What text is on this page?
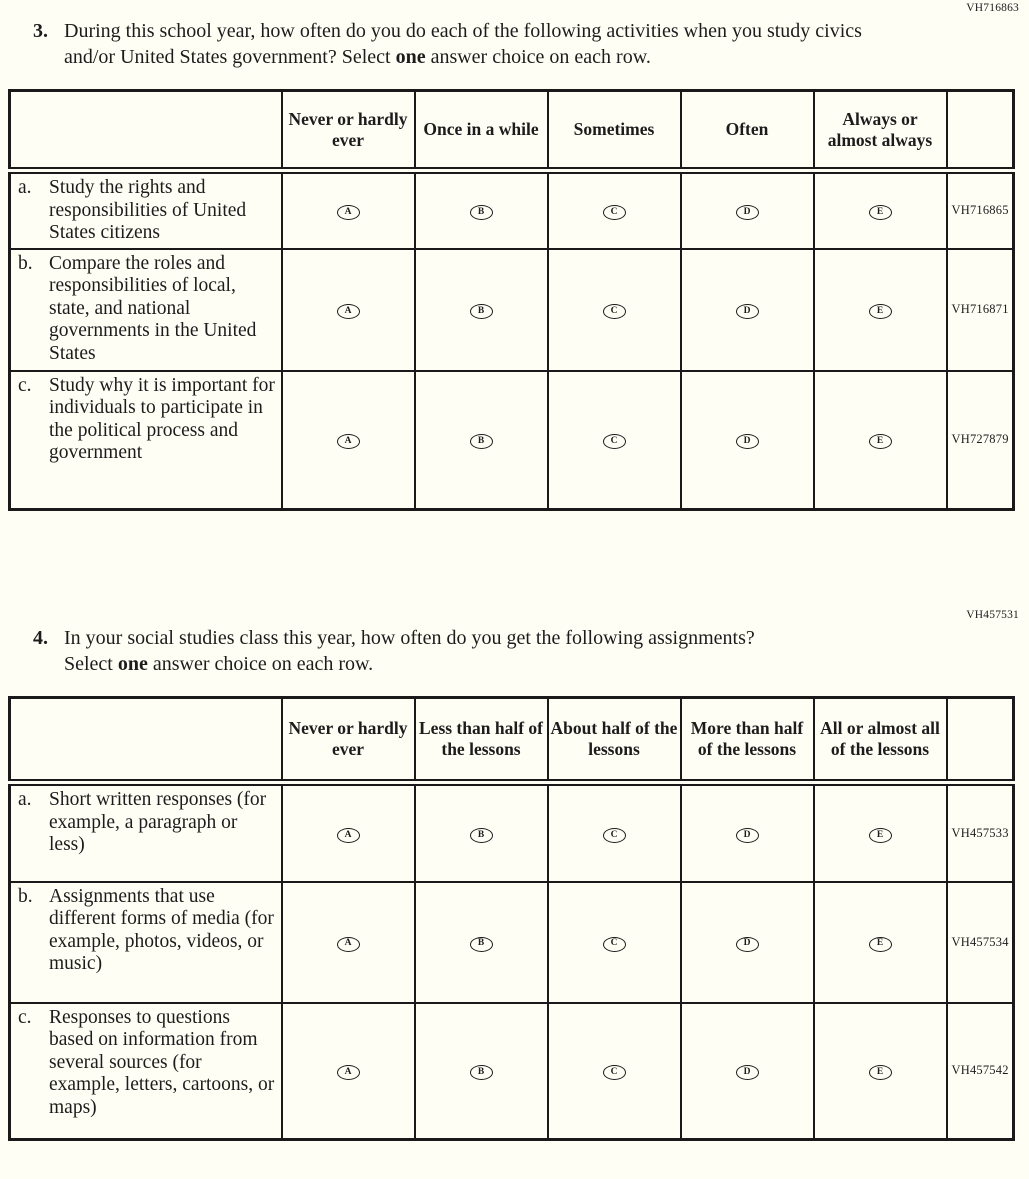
VH716863
3. During this school year, how often do you do each of the following activities when you study civics and/or United States government? Select one answer choice on each row.
	Never or hardly ever	Once in a while	Sometimes	Often	Always or almost always	

a. Study the rights and responsibilities of United States citizens	A	B	C	D	E	VH716865

b. Compare the roles and responsibilities of local, state, and national governments in the United States	A	B	C	D	E	VH716871

c. Study why it is important for individuals to participate in the political process and government	A	B	C	D	E	VH727879
VH457531
4. In your social studies class this year, how often do you get the following assignments? Select one answer choice on each row.
	Never or hardly ever	Less than half of the lessons	About half of the lessons	More than half of the lessons	All or almost all of the lessons	

a. Short written responses (for example, a paragraph or less)	A	B	C	D	E	VH457533

b. Assignments that use different forms of media (for example, photos, videos, or music)	A	B	C	D	E	VH457534

c. Responses to questions based on information from several sources (for example, letters, cartoons, or maps)	A	B	C	D	E	VH457542
